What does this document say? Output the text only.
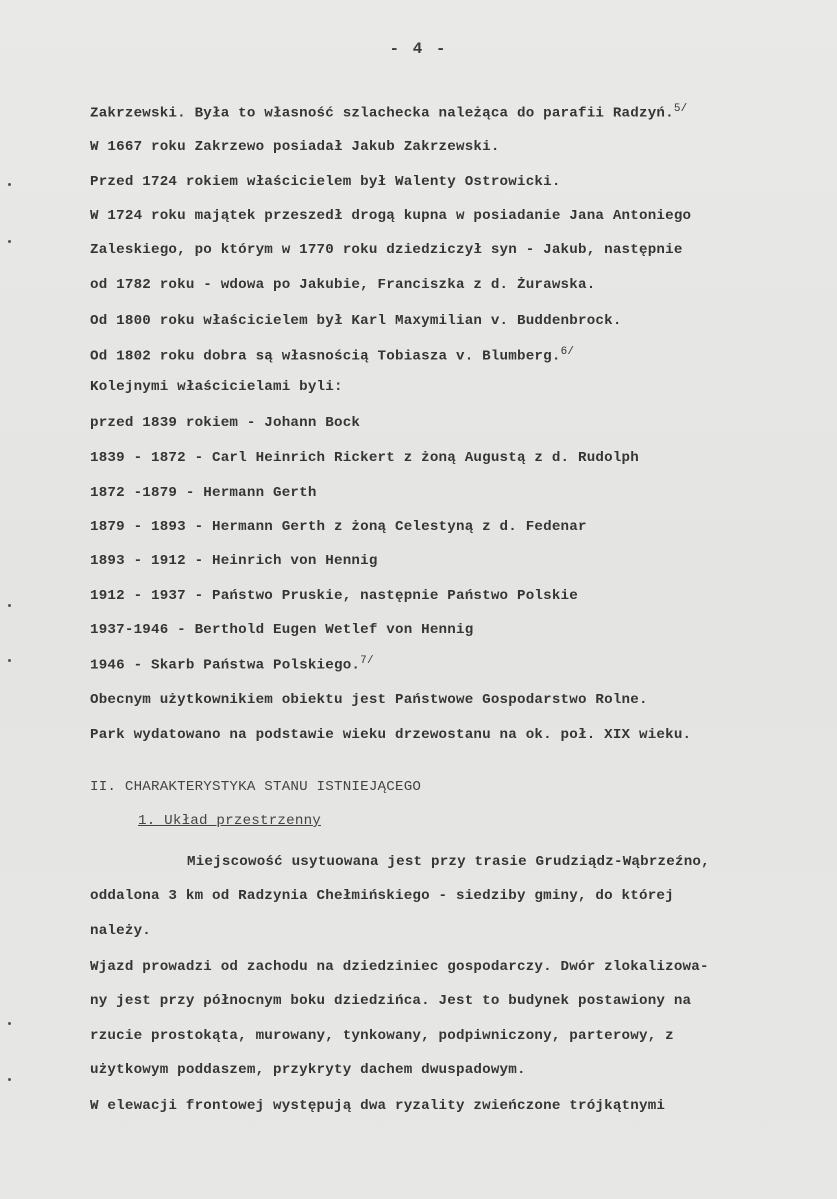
- 4 -
Zakrzewski. Była to własność szlachecka należąca do parafii Radzyń.$^{5/}$
W 1667 roku Zakrzewo posiadał Jakub Zakrzewski.
Przed 1724 rokiem właścicielem był Walenty Ostrowicki.
W 1724 roku majątek przeszedł drogą kupna w posiadanie Jana Antoniego
Zaleskiego, po którym w 1770 roku dziedziczył syn - Jakub, następnie
od 1782 roku - wdowa po Jakubie, Franciszka z d. Żurawska.
Od 1800 roku właścicielem był Karl Maxymilian v. Buddenbrock.
Od 1802 roku dobra są własnością Tobiasza v. Blumberg.$^{6/}$
Kolejnymi właścicielami byli:
przed 1839 rokiem - Johann Bock
1839 - 1872 - Carl Heinrich Rickert z żoną Augustą z d. Rudolph
1872 -1879 - Hermann Gerth
1879 - 1893 - Hermann Gerth z żoną Celestyną z d. Fedenar
1893 - 1912 - Heinrich von Hennig
1912 - 1937 - Państwo Pruskie, następnie Państwo Polskie
1937-1946 - Berthold Eugen Wetlef von Hennig
1946 - Skarb Państwa Polskiego.$^{7/}$
Obecnym użytkownikiem obiektu jest Państwowe Gospodarstwo Rolne.
Park wydatowano na podstawie wieku drzewostanu na ok. poł. XIX wieku.
II. CHARAKTERYSTYKA STANU ISTNIEJĄCEGO
1. Układ przestrzenny
Miejscowość usytuowana jest przy trasie Grudziądz-Wąbrzeźno,
oddalona 3 km od Radzynia Chełmińskiego - siedziby gminy, do której
należy.
Wjazd prowadzi od zachodu na dziedziniec gospodarczy. Dwór zlokalizowa-
ny jest przy północnym boku dziedzińca. Jest to budynek postawiony na
rzucie prostokąta, murowany, tynkowany, podpiwniczony, parterowy, z
użytkowym poddaszem, przykryty dachem dwuspadowym.
W elewacji frontowej występują dwa ryzality zwieńczone trójkątnymi
